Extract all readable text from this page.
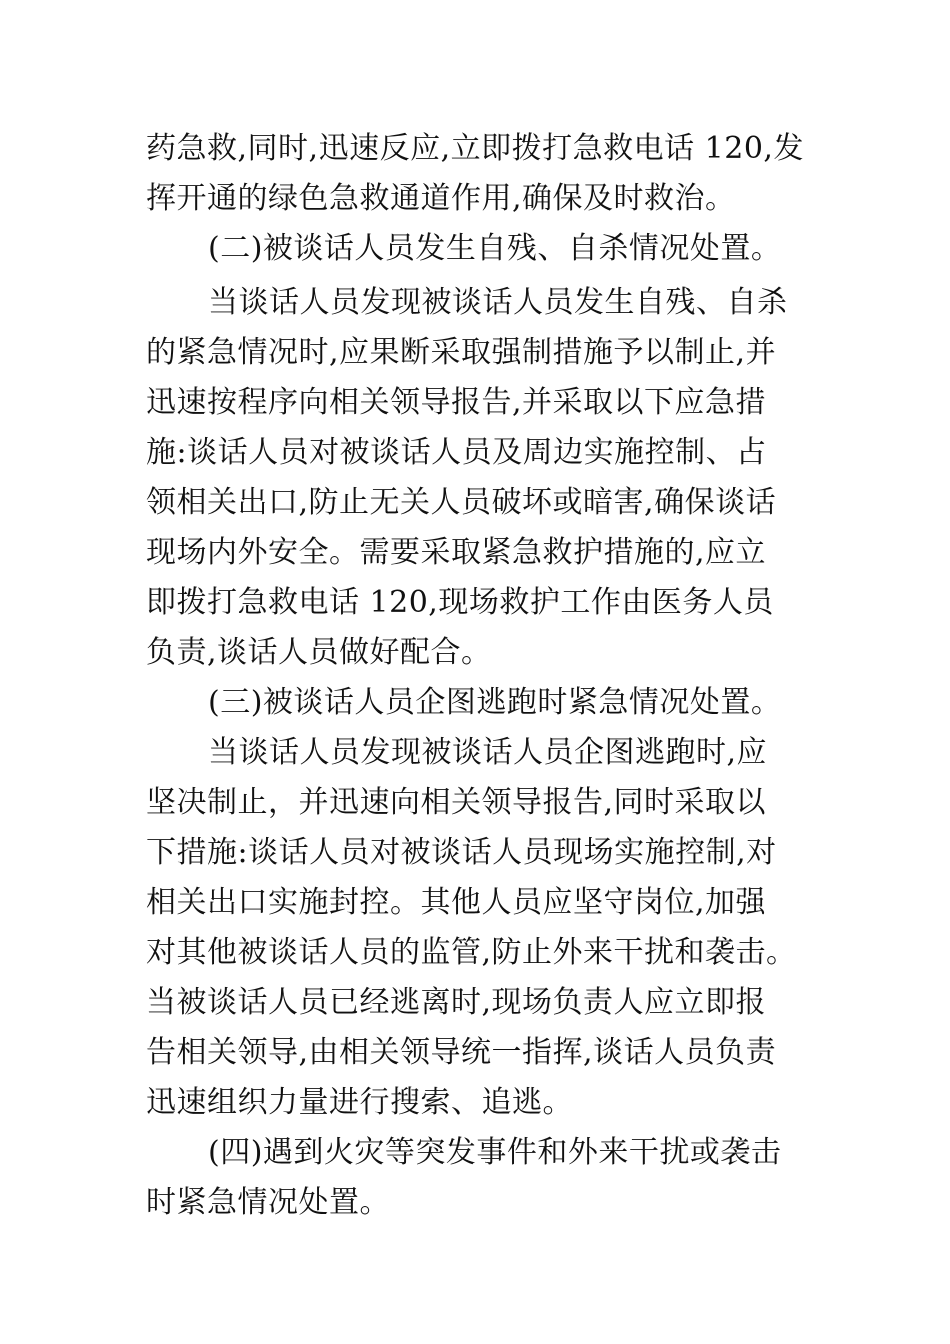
药急救,同时,迅速反应,立即拨打急救电话 120,发
挥开通的绿色急救通道作用,确保及时救治。
(二)被谈话人员发生自残、自杀情况处置。
当谈话人员发现被谈话人员发生自残、自杀
的紧急情况时,应果断采取强制措施予以制止,并
迅速按程序向相关领导报告,并采取以下应急措
施:谈话人员对被谈话人员及周边实施控制、占
领相关出口,防止无关人员破坏或暗害,确保谈话
现场内外安全。需要采取紧急救护措施的,应立
即拨打急救电话 120,现场救护工作由医务人员
负责,谈话人员做好配合。
(三)被谈话人员企图逃跑时紧急情况处置。
当谈话人员发现被谈话人员企图逃跑时,应
坚决制止，并迅速向相关领导报告,同时采取以
下措施:谈话人员对被谈话人员现场实施控制,对
相关出口实施封控。其他人员应坚守岗位,加强
对其他被谈话人员的监管,防止外来干扰和袭击。
当被谈话人员已经逃离时,现场负责人应立即报
告相关领导,由相关领导统一指挥,谈话人员负责
迅速组织力量进行搜索、追逃。
(四)遇到火灾等突发事件和外来干扰或袭击
时紧急情况处置。
